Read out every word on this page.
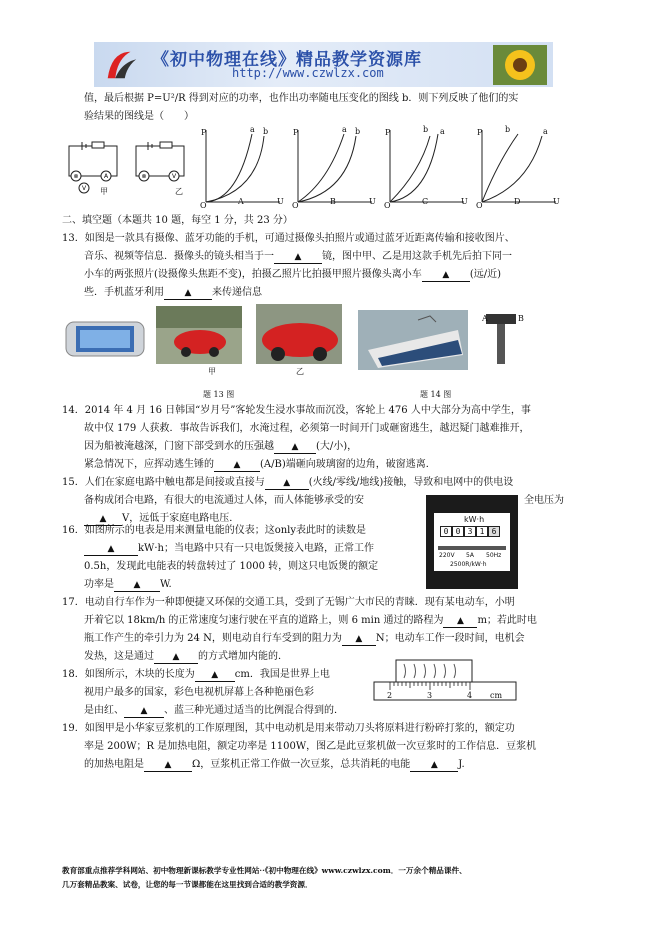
《初中物理在线》精品教学资源库
http://www.czwlzx.com
值，最后根据 P=U²/R 得到对应的功率，也作出功率随电压变化的图线 b．则下列反映了他们的实
验结果的图线是（　　）
⊗	A
V
⊗	V
甲	乙
P	a b
O	A	U
P	a b
O	B	U
P	b a
O	C	U
P	b	a
O	D	U
二、填空题（本题共 10 题，每空 1 分，共 23 分）
13．如图是一款具有摄像、蓝牙功能的手机，可通过摄像头拍照片或通过蓝牙近距离传输和接收图片、
音乐、视频等信息．摄像头的镜头相当于一 ▲ 镜，图中甲、乙是用这款手机先后拍下同一
小车的两张照片(设摄像头焦距不变)，拍摄乙照片比拍摄甲照片摄像头离小车 ▲ (远/近)
些．手机蓝牙利用 ▲ 来传递信息
甲	乙
A	B
题 13 图	题 14 图
14．2014 年 4 月 16 日韩国“岁月号”客轮发生浸水事故而沉没，客轮上 476 人中大部分为高中学生，事
故中仅 179 人获救．事故告诉我们，水淹过程，必须第一时间开门或砸窗逃生，越迟疑门越难推开，
因为船被淹越深，门窗下部受到水的压强越 ▲ (大/小)，
紧急情况下，应挥动逃生锤的 ▲ (A/B)端砸向玻璃窗的边角，破窗逃离．
15．人们在家庭电路中触电都是间接或直接与 ▲ (火线/零线/地线)接触，导致和电网中的供电设
备构成闭合电路，有很大的电流通过人体，而人体能够承受的安	全电压为
▲ V，远低于家庭电路电压．	kW·h
0 0 3 1 6
220V 5A 50Hz
2500R/kW·h
16．如图所示的电表是用来测量电能的仪表；这only表此时的读数是
▲ kW·h；当电路中只有一只电饭煲接入电路，正常工作
0.5h，发现此电能表的转盘转过了 1000 转，则这只电饭煲的额定
功率是 ▲ W.
17．电动自行车作为一种即便捷又环保的交通工具，受到了无锡广大市民的青睐．现有某电动车，小明
开着它以 18km/h 的正常速度匀速行驶在平直的道路上，则 6 min 通过的路程为 ▲ m；若此时电
瓶工作产生的牵引力为 24 N，则电动自行车受到的阻力为 ▲ N；电动车工作一段时间，电机会
发热，这是通过 ▲ 的方式增加内能的．
18．如图所示，木块的长度为 ▲ cm．我国是世界上电
视用户最多的国家，彩色电视机屏幕上各种艳丽色彩
是由红、 ▲ 、蓝三种光通过适当的比例混合得到的．
2	3	4 cm
19．如图甲是小华家豆浆机的工作原理图，其中电动机是用来带动刀头将原料进行粉碎打浆的，额定功
率是 200W；R 是加热电阻，额定功率是 1100W，图乙是此豆浆机做一次豆浆时的工作信息．豆浆机
的加热电阻是 ▲ Ω，豆浆机正常工作做一次豆浆，总共消耗的电能 ▲ J.
教育部重点推荐学科网站、初中物理新课标教学专业性网站··《初中物理在线》www.czwlzx.com．一万余个精品课件、
几万套精品教案、试卷，让您的每一节课都能在这里找到合适的教学资源．
